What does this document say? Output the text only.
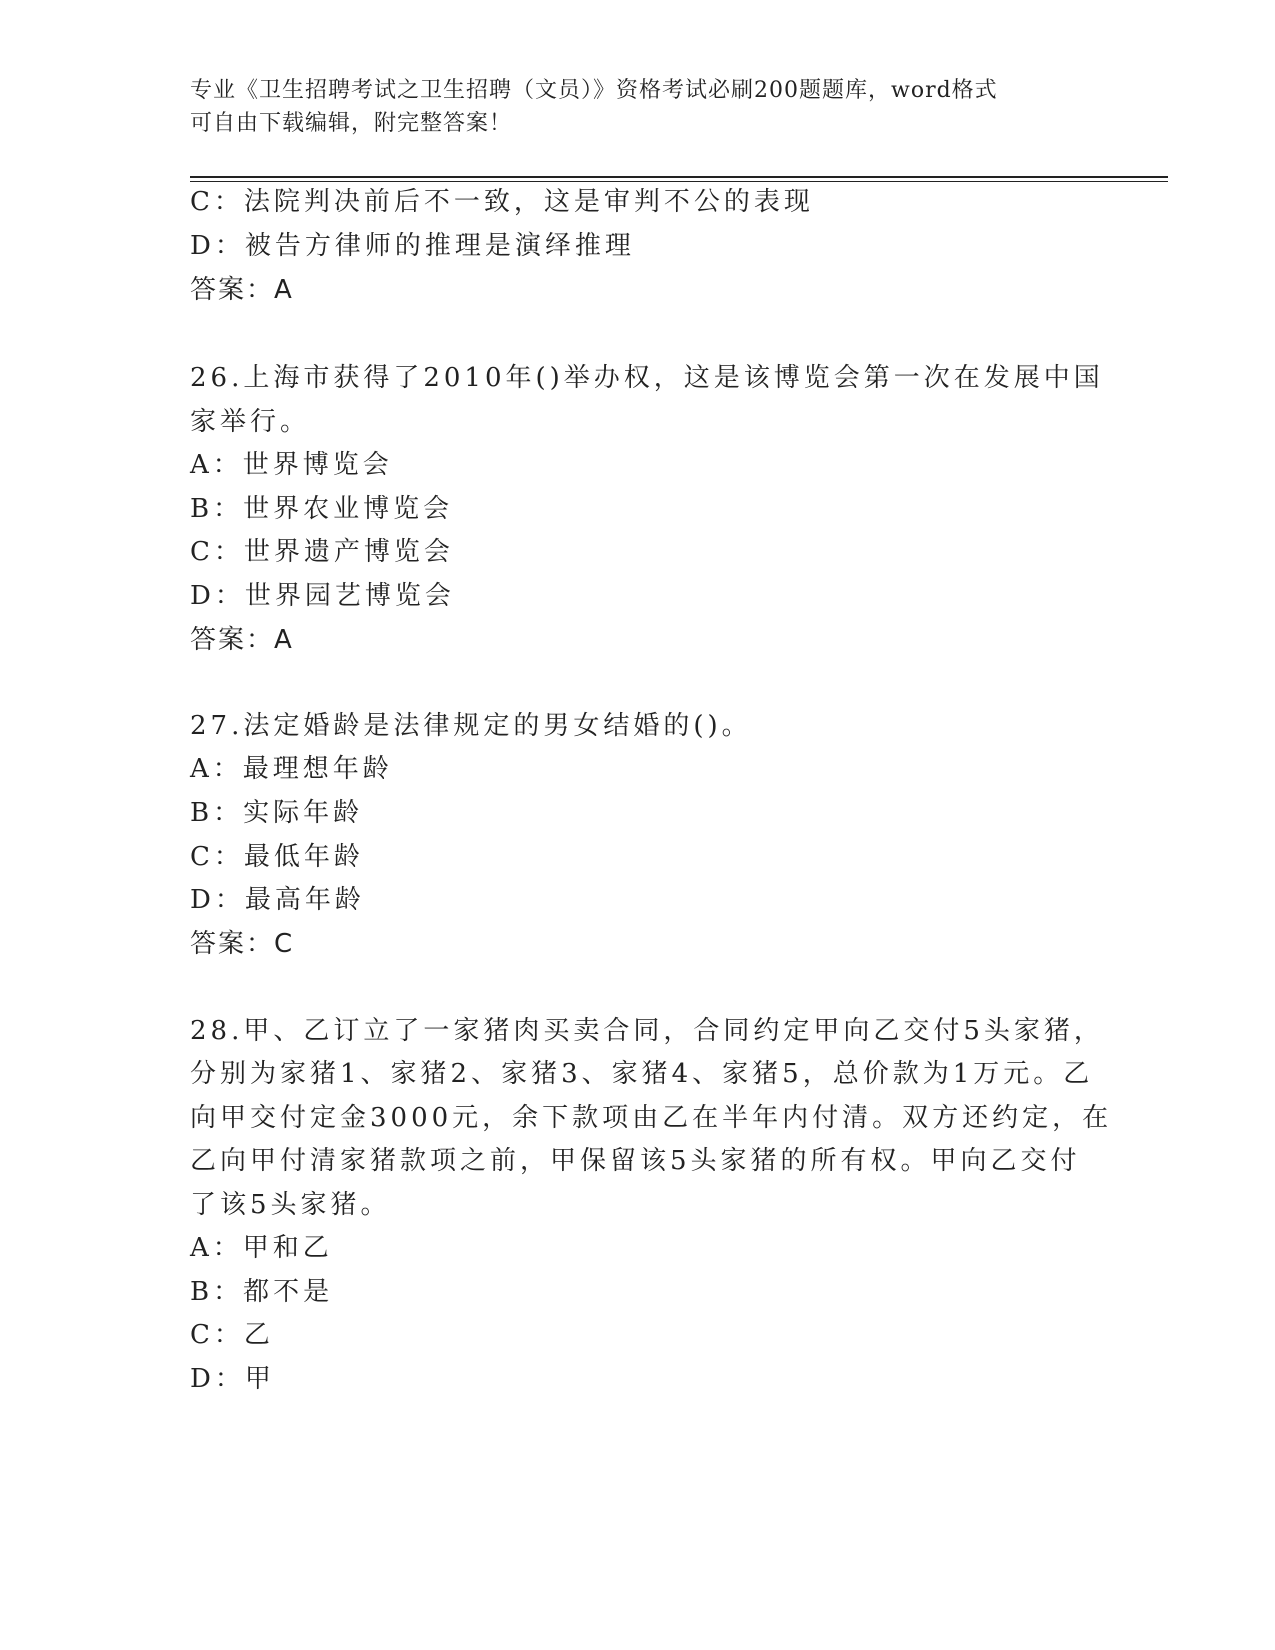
专业《卫生招聘考试之卫生招聘（文员）》资格考试必刷200题题库，word格式
可自由下载编辑，附完整答案！
C：法院判决前后不一致，这是审判不公的表现
D：被告方律师的推理是演绎推理
答案：A
26.上海市获得了2010年()举办权，这是该博览会第一次在发展中国
家举行。
A：世界博览会
B：世界农业博览会
C：世界遗产博览会
D：世界园艺博览会
答案：A
27.法定婚龄是法律规定的男女结婚的()。
A：最理想年龄
B：实际年龄
C：最低年龄
D：最高年龄
答案：C
28.甲、乙订立了一家猪肉买卖合同，合同约定甲向乙交付5头家猪，
分别为家猪1、家猪2、家猪3、家猪4、家猪5，总价款为1万元。乙
向甲交付定金3000元，余下款项由乙在半年内付清。双方还约定，在
乙向甲付清家猪款项之前，甲保留该5头家猪的所有权。甲向乙交付
了该5头家猪。
A：甲和乙
B：都不是
C：乙
D：甲
